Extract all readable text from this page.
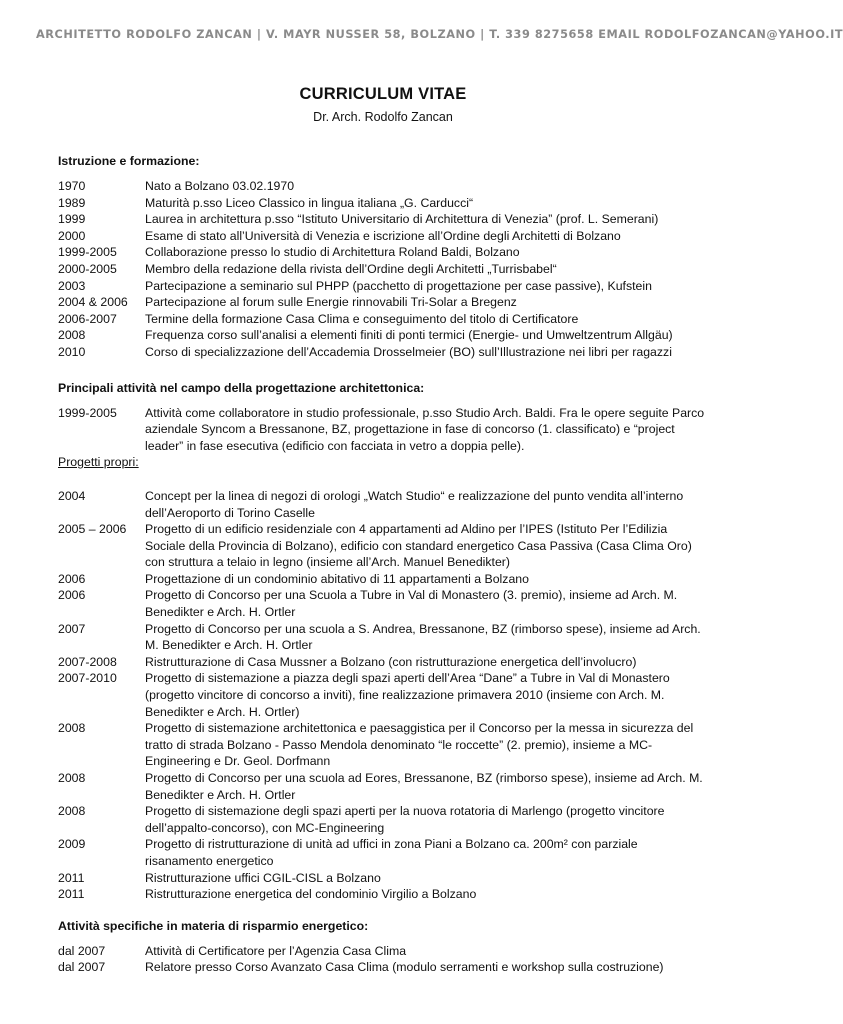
ARCHITETTO RODOLFO ZANCAN | V. MAYR NUSSER 58, BOLZANO | T. 339 8275658 EMAIL RODOLFOZANCAN@YAHOO.IT
CURRICULUM VITAE
Dr. Arch. Rodolfo Zancan
Istruzione e formazione:
1970	Nato a Bolzano 03.02.1970
1989	Maturità p.sso Liceo Classico in lingua italiana „G. Carducci“
1999	Laurea in architettura p.sso “Istituto Universitario di Architettura di Venezia” (prof. L. Semerani)
2000	Esame di stato all’Università di Venezia e iscrizione all’Ordine degli Architetti di Bolzano
1999-2005	Collaborazione presso lo studio di Architettura Roland Baldi, Bolzano
2000-2005	Membro della redazione della rivista dell’Ordine degli Architetti „Turrisbabel“
2003	Partecipazione a seminario sul PHPP (pacchetto di progettazione per case passive), Kufstein
2004 & 2006	Partecipazione al forum sulle Energie rinnovabili Tri-Solar a Bregenz
2006-2007	Termine della formazione Casa Clima e conseguimento del titolo di Certificatore
2008	Frequenza corso sull’analisi a elementi finiti di ponti termici (Energie- und Umweltzentrum Allgäu)
2010	Corso di specializzazione dell’Accademia Drosselmeier (BO) sull’Illustrazione nei libri per ragazzi
Principali attività nel campo della progettazione architettonica:
1999-2005	Attività come collaboratore in studio professionale, p.sso Studio Arch. Baldi. Fra le opere seguite Parco aziendale Syncom a Bressanone, BZ, progettazione in fase di concorso (1. classificato) e “project leader” in fase esecutiva (edificio con facciata in vetro a doppia pelle).
Progetti propri:
2004	Concept per la linea di negozi di orologi „Watch Studio“ e realizzazione del punto vendita all’interno dell’Aeroporto di Torino Caselle
2005 – 2006	Progetto di un edificio residenziale con 4 appartamenti ad Aldino per l’IPES (Istituto Per l’Edilizia Sociale della Provincia di Bolzano), edificio con standard energetico Casa Passiva (Casa Clima Oro) con struttura a telaio in legno (insieme all’Arch. Manuel Benedikter)
2006	Progettazione di un condominio abitativo di 11 appartamenti a Bolzano
2006	Progetto di Concorso per una Scuola a Tubre in Val di Monastero (3. premio), insieme ad Arch. M. Benedikter e Arch. H. Ortler
2007	Progetto di Concorso per una scuola a S. Andrea, Bressanone, BZ (rimborso spese), insieme ad Arch. M. Benedikter e Arch. H. Ortler
2007-2008	Ristrutturazione di Casa Mussner a Bolzano (con ristrutturazione energetica dell’involucro)
2007-2010	Progetto di sistemazione a piazza degli spazi aperti dell’Area “Dane” a Tubre in Val di Monastero (progetto vincitore di concorso a inviti), fine realizzazione primavera 2010 (insieme con Arch. M. Benedikter e Arch. H. Ortler)
2008	Progetto di sistemazione architettonica e paesaggistica per il Concorso per la messa in sicurezza del tratto di strada Bolzano - Passo Mendola denominato “le roccette” (2. premio), insieme a MC-Engineering e Dr. Geol. Dorfmann
2008	Progetto di Concorso per una scuola ad Eores, Bressanone, BZ (rimborso spese), insieme ad Arch. M. Benedikter e Arch. H. Ortler
2008	Progetto di sistemazione degli spazi aperti per la nuova rotatoria di Marlengo (progetto vincitore dell’appalto-concorso), con MC-Engineering
2009	Progetto di ristrutturazione di unità ad uffici in zona Piani a Bolzano ca. 200m² con parziale risanamento energetico
2011	Ristrutturazione uffici CGIL-CISL a Bolzano
2011	Ristrutturazione energetica del condominio Virgilio a Bolzano
Attività specifiche in materia di risparmio energetico:
dal 2007	Attività di Certificatore per l’Agenzia Casa Clima
dal 2007	Relatore presso Corso Avanzato Casa Clima (modulo serramenti e workshop sulla costruzione)
